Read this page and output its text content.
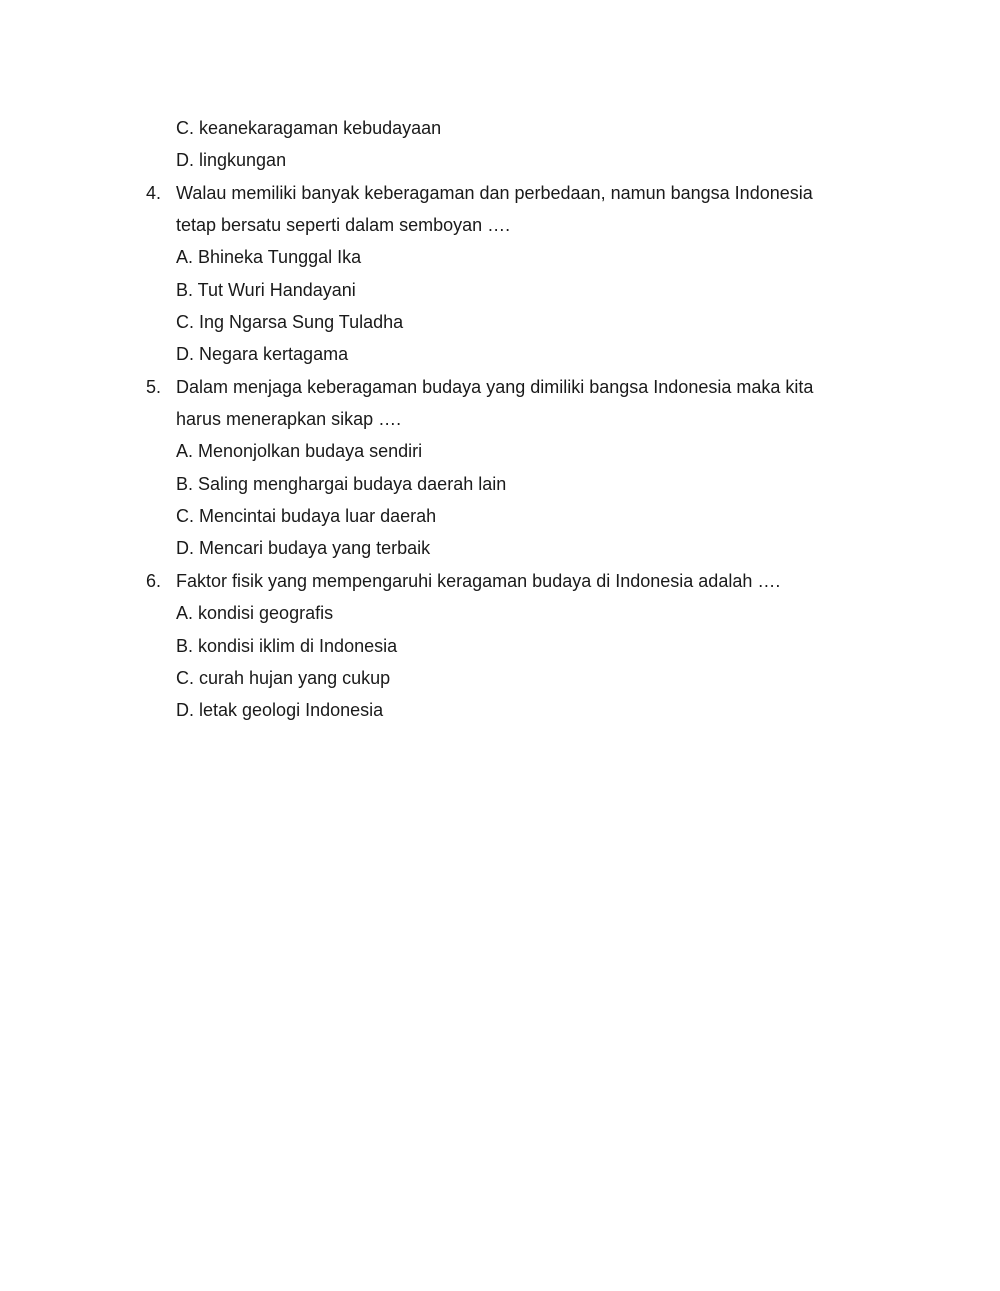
C. keanekaragaman kebudayaan
D. lingkungan
4. Walau memiliki banyak keberagaman dan perbedaan, namun bangsa Indonesia
tetap bersatu seperti dalam semboyan ….
A. Bhineka Tunggal Ika
B. Tut Wuri Handayani
C. Ing Ngarsa Sung Tuladha
D. Negara kertagama
5. Dalam menjaga keberagaman budaya yang dimiliki bangsa Indonesia maka kita
harus menerapkan sikap ….
A. Menonjolkan budaya sendiri
B. Saling menghargai budaya daerah lain
C. Mencintai budaya luar daerah
D. Mencari budaya yang terbaik
6. Faktor fisik yang mempengaruhi keragaman budaya di Indonesia adalah ….
A. kondisi geografis
B. kondisi iklim di Indonesia
C. curah hujan yang cukup
D. letak geologi Indonesia
